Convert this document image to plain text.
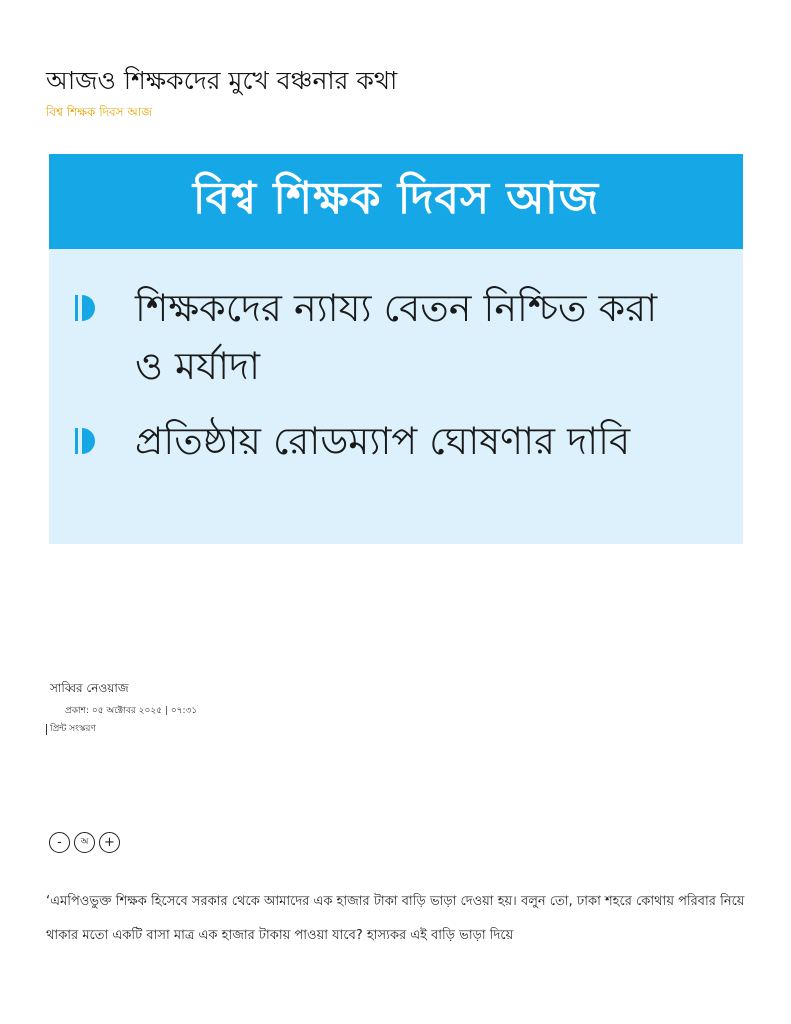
আজও শিক্ষকদের মুখে বঞ্চনার কথা
বিশ্ব শিক্ষক দিবস আজ
বিশ্ব শিক্ষক দিবস আজ
শিক্ষকদের ন্যায্য বেতন নিশ্চিত করা ও মর্যাদা
প্রতিষ্ঠায় রোডম্যাপ ঘোষণার দাবি
সাব্বির নেওয়াজ
প্রকাশ: ০৫ অক্টোবর ২০২৫ | ০৭:৩১
প্রিন্ট সংস্করণ
-	অ	+

‘এমপিওভুক্ত শিক্ষক হিসেবে সরকার থেকে আমাদের এক হাজার টাকা বাড়ি ভাড়া দেওয়া হয়। বলুন তো, ঢাকা শহরে কোথায় পরিবার নিয়ে থাকার মতো একটি বাসা মাত্র এক হাজার টাকায় পাওয়া যাবে? হাস্যকর এই বাড়ি ভাড়া দিয়ে
